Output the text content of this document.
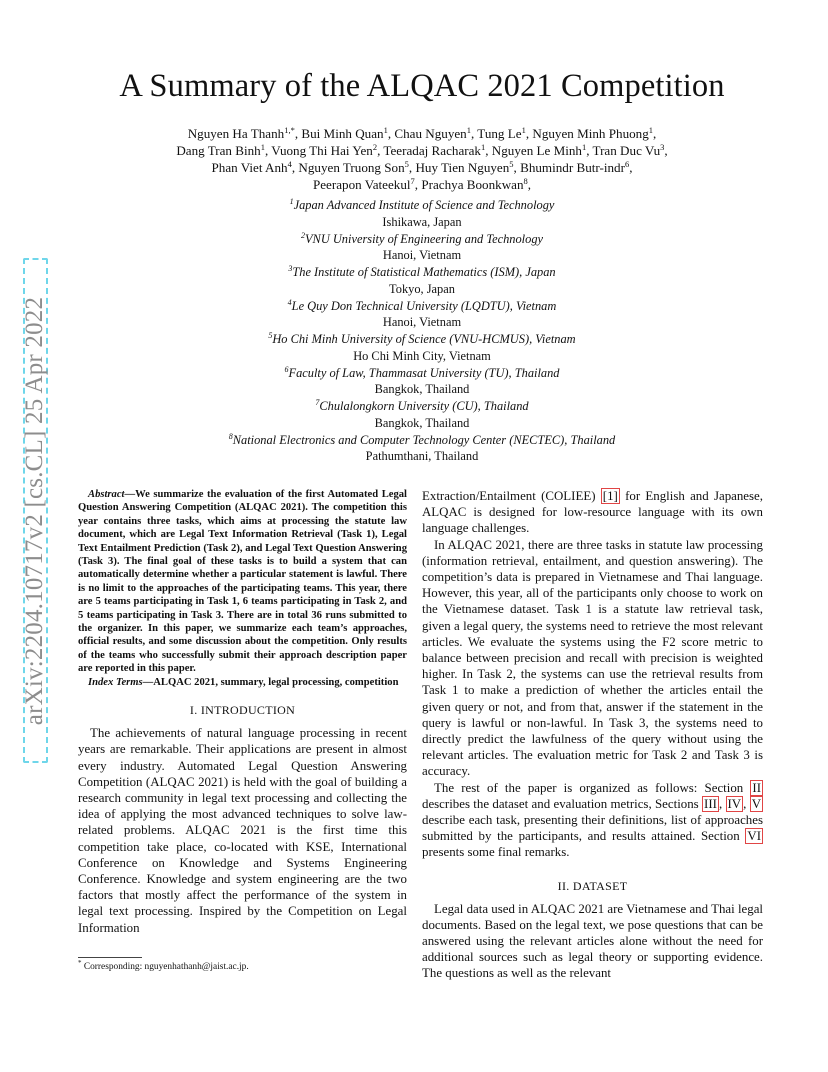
arXiv:2204.10717v2 [cs.CL] 25 Apr 2022
A Summary of the ALQAC 2021 Competition
Nguyen Ha Thanh$^{1,*}$, Bui Minh Quan$^1$, Chau Nguyen$^1$, Tung Le$^1$, Nguyen Minh Phuong$^1$,
Dang Tran Binh$^1$, Vuong Thi Hai Yen$^2$, Teeradaj Racharak$^1$, Nguyen Le Minh$^1$, Tran Duc Vu$^3$,
Phan Viet Anh$^4$, Nguyen Truong Son$^5$, Huy Tien Nguyen$^5$, Bhumindr Butr-indr$^6$,
Peerapon Vateekul$^7$, Prachya Boonkwan$^8$,
$^1$Japan Advanced Institute of Science and Technology
Ishikawa, Japan
$^2$VNU University of Engineering and Technology
Hanoi, Vietnam
$^3$The Institute of Statistical Mathematics (ISM), Japan
Tokyo, Japan
$^4$Le Quy Don Technical University (LQDTU), Vietnam
Hanoi, Vietnam
$^5$Ho Chi Minh University of Science (VNU-HCMUS), Vietnam
Ho Chi Minh City, Vietnam
$^6$Faculty of Law, Thammasat University (TU), Thailand
Bangkok, Thailand
$^7$Chulalongkorn University (CU), Thailand
Bangkok, Thailand
$^8$National Electronics and Computer Technology Center (NECTEC), Thailand
Pathumthani, Thailand

Abstract—We summarize the evaluation of the first Automated Legal Question Answering Competition (ALQAC 2021). The competition this year contains three tasks, which aims at processing the statute law document, which are Legal Text Information Retrieval (Task 1), Legal Text Entailment Prediction (Task 2), and Legal Text Question Answering (Task 3). The final goal of these tasks is to build a system that can automatically determine whether a particular statement is lawful. There is no limit to the approaches of the participating teams. This year, there are 5 teams participating in Task 1, 6 teams participating in Task 2, and 5 teams participating in Task 3. There are in total 36 runs submitted to the organizer. In this paper, we summarize each team’s approaches, official results, and some discussion about the competition. Only results of the teams who successfully submit their approach description paper are reported in this paper.

Index Terms—ALQAC 2021, summary, legal processing, competition

I. INTRODUCTION

The achievements of natural language processing in recent years are remarkable. Their applications are present in almost every industry. Automated Legal Question Answering Competition (ALQAC 2021) is held with the goal of building a research community in legal text processing and collecting the idea of applying the most advanced techniques to solve law-related problems. ALQAC 2021 is the first time this competition take place, co-located with KSE, International Conference on Knowledge and Systems Engineering Conference. Knowledge and system engineering are the two factors that mostly affect the performance of the system in legal text processing. Inspired by the Competition on Legal Information

Extraction/Entailment (COLIEE) [1] for English and Japanese, ALQAC is designed for low-resource language with its own language challenges.

In ALQAC 2021, there are three tasks in statute law processing (information retrieval, entailment, and question answering). The competition’s data is prepared in Vietnamese and Thai language. However, this year, all of the participants only choose to work on the Vietnamese dataset. Task 1 is a statute law retrieval task, given a legal query, the systems need to retrieve the most relevant articles. We evaluate the systems using the F2 score metric to balance between precision and recall with precision is weighted higher. In Task 2, the systems can use the retrieval results from Task 1 to make a prediction of whether the articles entail the given query or not, and from that, answer if the statement in the query is lawful or non-lawful. In Task 3, the systems need to directly predict the lawfulness of the query without using the relevant articles. The evaluation metric for Task 2 and Task 3 is accuracy.

The rest of the paper is organized as follows: Section II describes the dataset and evaluation metrics, Sections III , IV , V describe each task, presenting their definitions, list of approaches submitted by the participants, and results attained. Section VI presents some final remarks.

II. DATASET

Legal data used in ALQAC 2021 are Vietnamese and Thai legal documents. Based on the legal text, we pose questions that can be answered using the relevant articles alone without the need for additional sources such as legal theory or supporting evidence. The questions as well as the relevant

* Corresponding: nguyenhathanh@jaist.ac.jp.
